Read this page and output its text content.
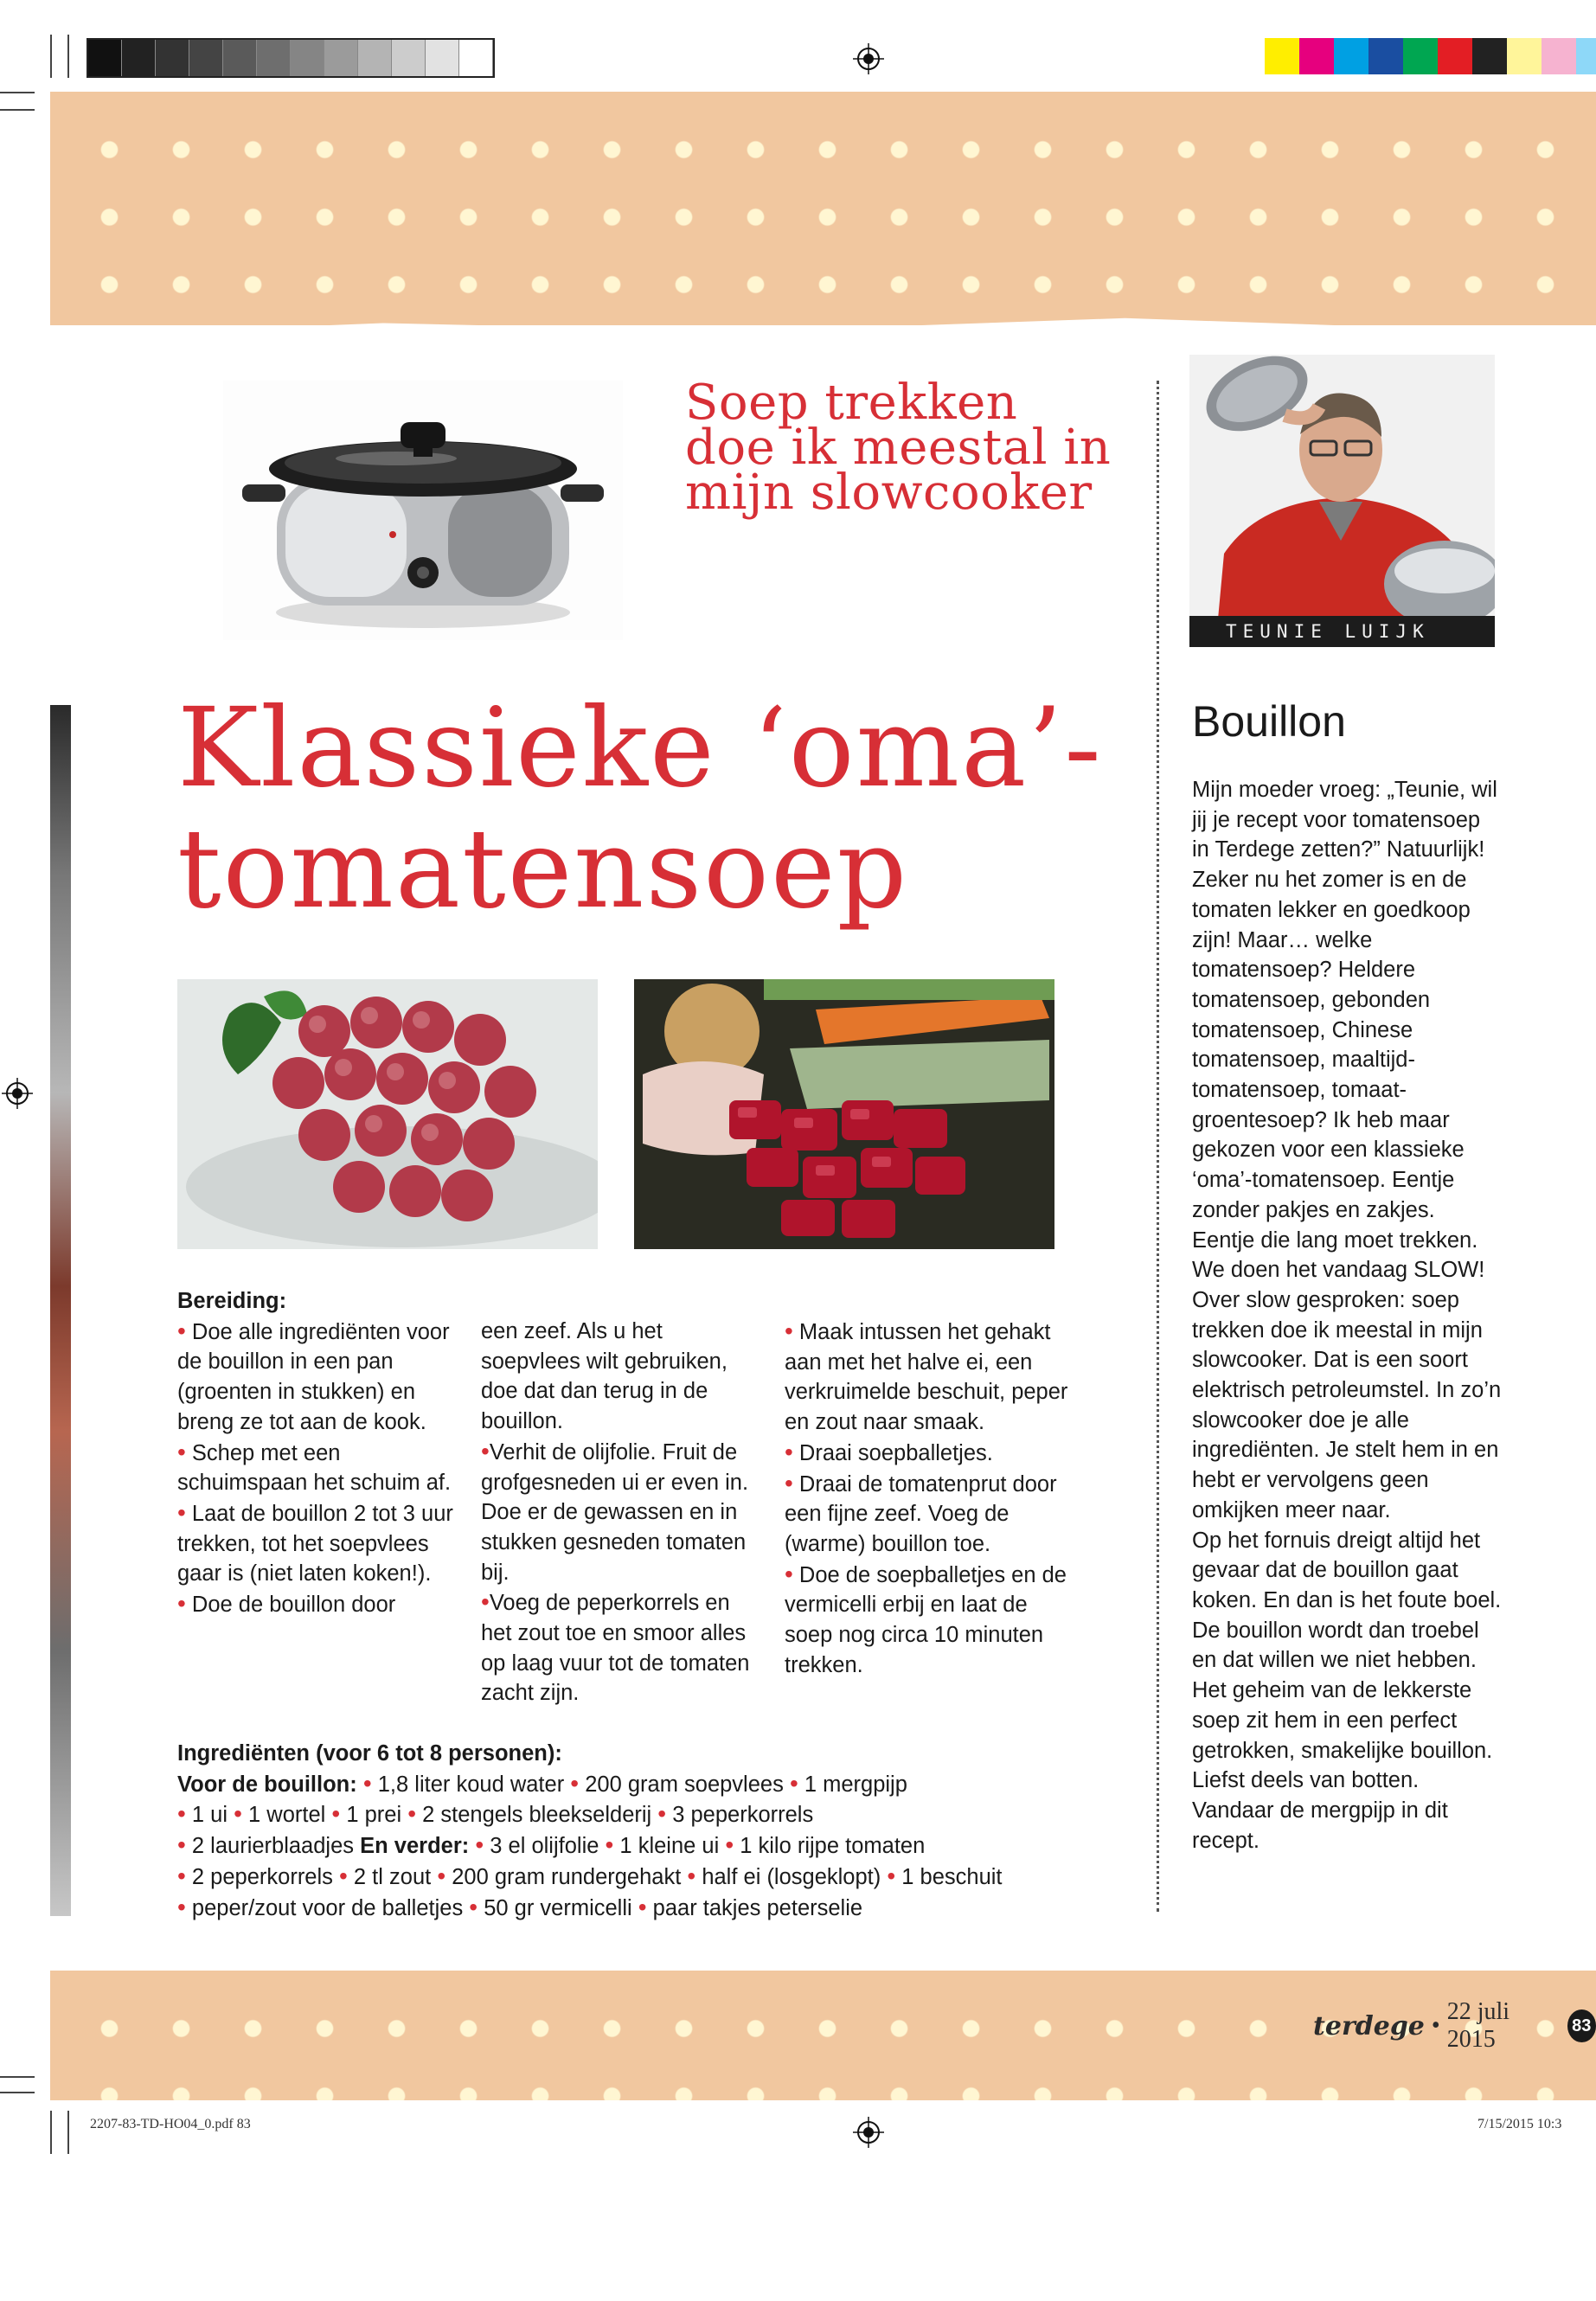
Soep trekken doe ik meestal in mijn slowcooker
TEUNIE LUIJK
Klassieke ‘oma’-tomatensoep

Bereiding:

• Doe alle ingrediënten voor de bouillon in een pan (groenten in stukken) en breng ze tot aan de kook.

• Schep met een schuimspaan het schuim af.

• Laat de bouillon 2 tot 3 uur trekken, tot het soepvlees gaar is (niet laten koken!).

• Doe de bouillon door

een zeef. Als u het soepvlees wilt gebruiken, doe dat dan terug in de bouillon.

•Verhit de olijfolie. Fruit de grofgesneden ui er even in. Doe er de gewassen en in stukken gesneden tomaten bij.

•Voeg de peperkorrels en het zout toe en smoor alles op laag vuur tot de tomaten zacht zijn.

• Maak intussen het gehakt aan met het halve ei, een verkruimelde beschuit, peper en zout naar smaak.

• Draai soepballetjes.

• Draai de tomatenprut door een fijne zeef. Voeg de (warme) bouillon toe.

• Doe de soepballetjes en de vermicelli erbij en laat de soep nog circa 10 minuten trekken.

Ingrediënten (voor 6 tot 8 personen):
Voor de bouillon: • 1,8 liter koud water • 200 gram soepvlees • 1 mergpijp
• 1 ui • 1 wortel • 1 prei • 2 stengels bleekselderij • 3 peperkorrels
• 2 laurierblaadjes En verder: • 3 el olijfolie • 1 kleine ui • 1 kilo rijpe tomaten
• 2 peperkorrels • 2 tl zout • 200 gram rundergehakt • half ei (losgeklopt) • 1 beschuit
• peper/zout voor de balletjes • 50 gr vermicelli • paar takjes peterselie
Bouillon

Mijn moeder vroeg: „Teunie, wil jij je recept voor tomatensoep in Terdege zetten?” Natuurlijk! Zeker nu het zomer is en de tomaten lekker en goedkoop zijn! Maar… welke tomatensoep? Heldere tomatensoep, gebonden tomatensoep, Chinese tomatensoep, maaltijd-tomatensoep, tomaat-groentesoep? Ik heb maar gekozen voor een klassieke ‘oma’-tomatensoep. Eentje zonder pakjes en zakjes. Eentje die lang moet trekken. We doen het vandaag SLOW!

Over slow gesproken: soep trekken doe ik meestal in mijn slowcooker. Dat is een soort elektrisch petroleumstel. In zo’n slowcooker doe je alle ingrediënten. Je stelt hem in en hebt er vervolgens geen omkijken meer naar.

Op het fornuis dreigt altijd het gevaar dat de bouillon gaat koken. En dan is het foute boel. De bouillon wordt dan troebel en dat willen we niet hebben. Het geheim van de lekkerste soep zit hem in een perfect getrokken, smakelijke bouillon. Liefst deels van botten. Vandaar de mergpijp in dit recept.

terdege •
22 juli 2015
83
2207-83-TD-HO04_0.pdf 83	7/15/2015 10:3
